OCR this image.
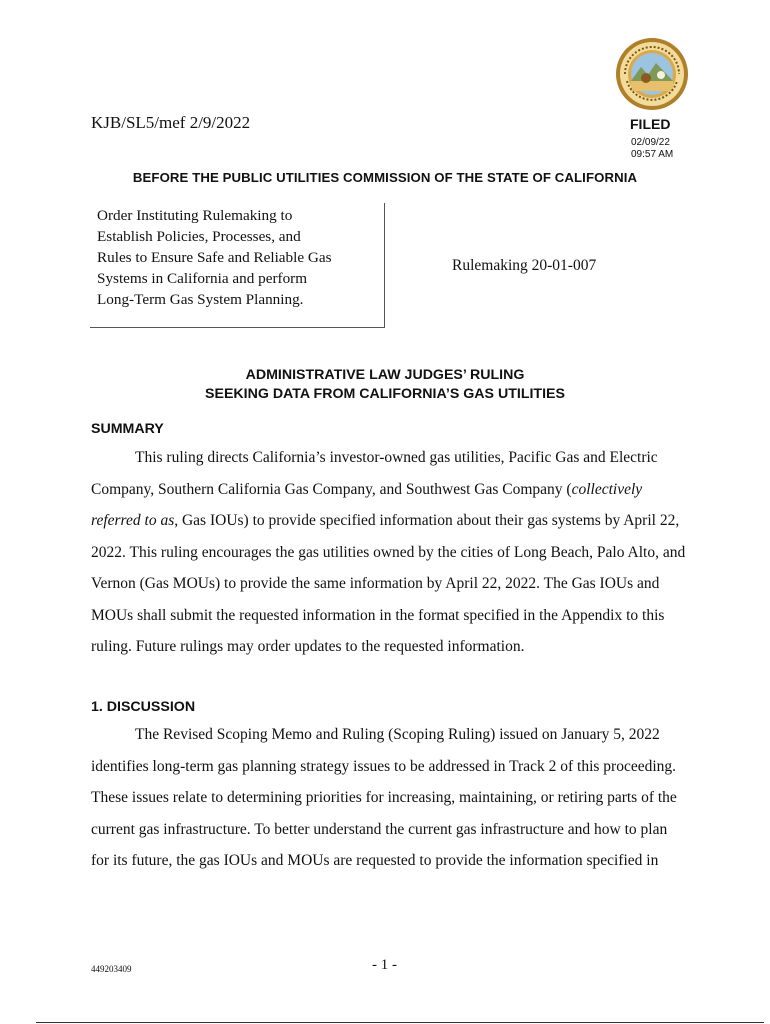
KJB/SL5/mef 2/9/2022	FILED
02/09/22
09:57 AM
BEFORE THE PUBLIC UTILITIES COMMISSION OF THE STATE OF CALIFORNIA
Order Instituting Rulemaking to
Establish Policies, Processes, and
Rules to Ensure Safe and Reliable Gas
Systems in California and perform
Long-Term Gas System Planning.
Rulemaking 20-01-007
ADMINISTRATIVE LAW JUDGES’ RULING
SEEKING DATA FROM CALIFORNIA’S GAS UTILITIES
SUMMARY

This ruling directs California’s investor-owned gas utilities, Pacific Gas and Electric Company, Southern California Gas Company, and Southwest Gas Company (collectively referred to as, Gas IOUs) to provide specified information about their gas systems by April 22, 2022. This ruling encourages the gas utilities owned by the cities of Long Beach, Palo Alto, and Vernon (Gas MOUs) to provide the same information by April 22, 2022. The Gas IOUs and MOUs shall submit the requested information in the format specified in the Appendix to this ruling. Future rulings may order updates to the requested information.

1. DISCUSSION

The Revised Scoping Memo and Ruling (Scoping Ruling) issued on January 5, 2022 identifies long-term gas planning strategy issues to be addressed in Track 2 of this proceeding. These issues relate to determining priorities for increasing, maintaining, or retiring parts of the current gas infrastructure. To better understand the current gas infrastructure and how to plan for its future, the gas IOUs and MOUs are requested to provide the information specified in

449203409	- 1 -
